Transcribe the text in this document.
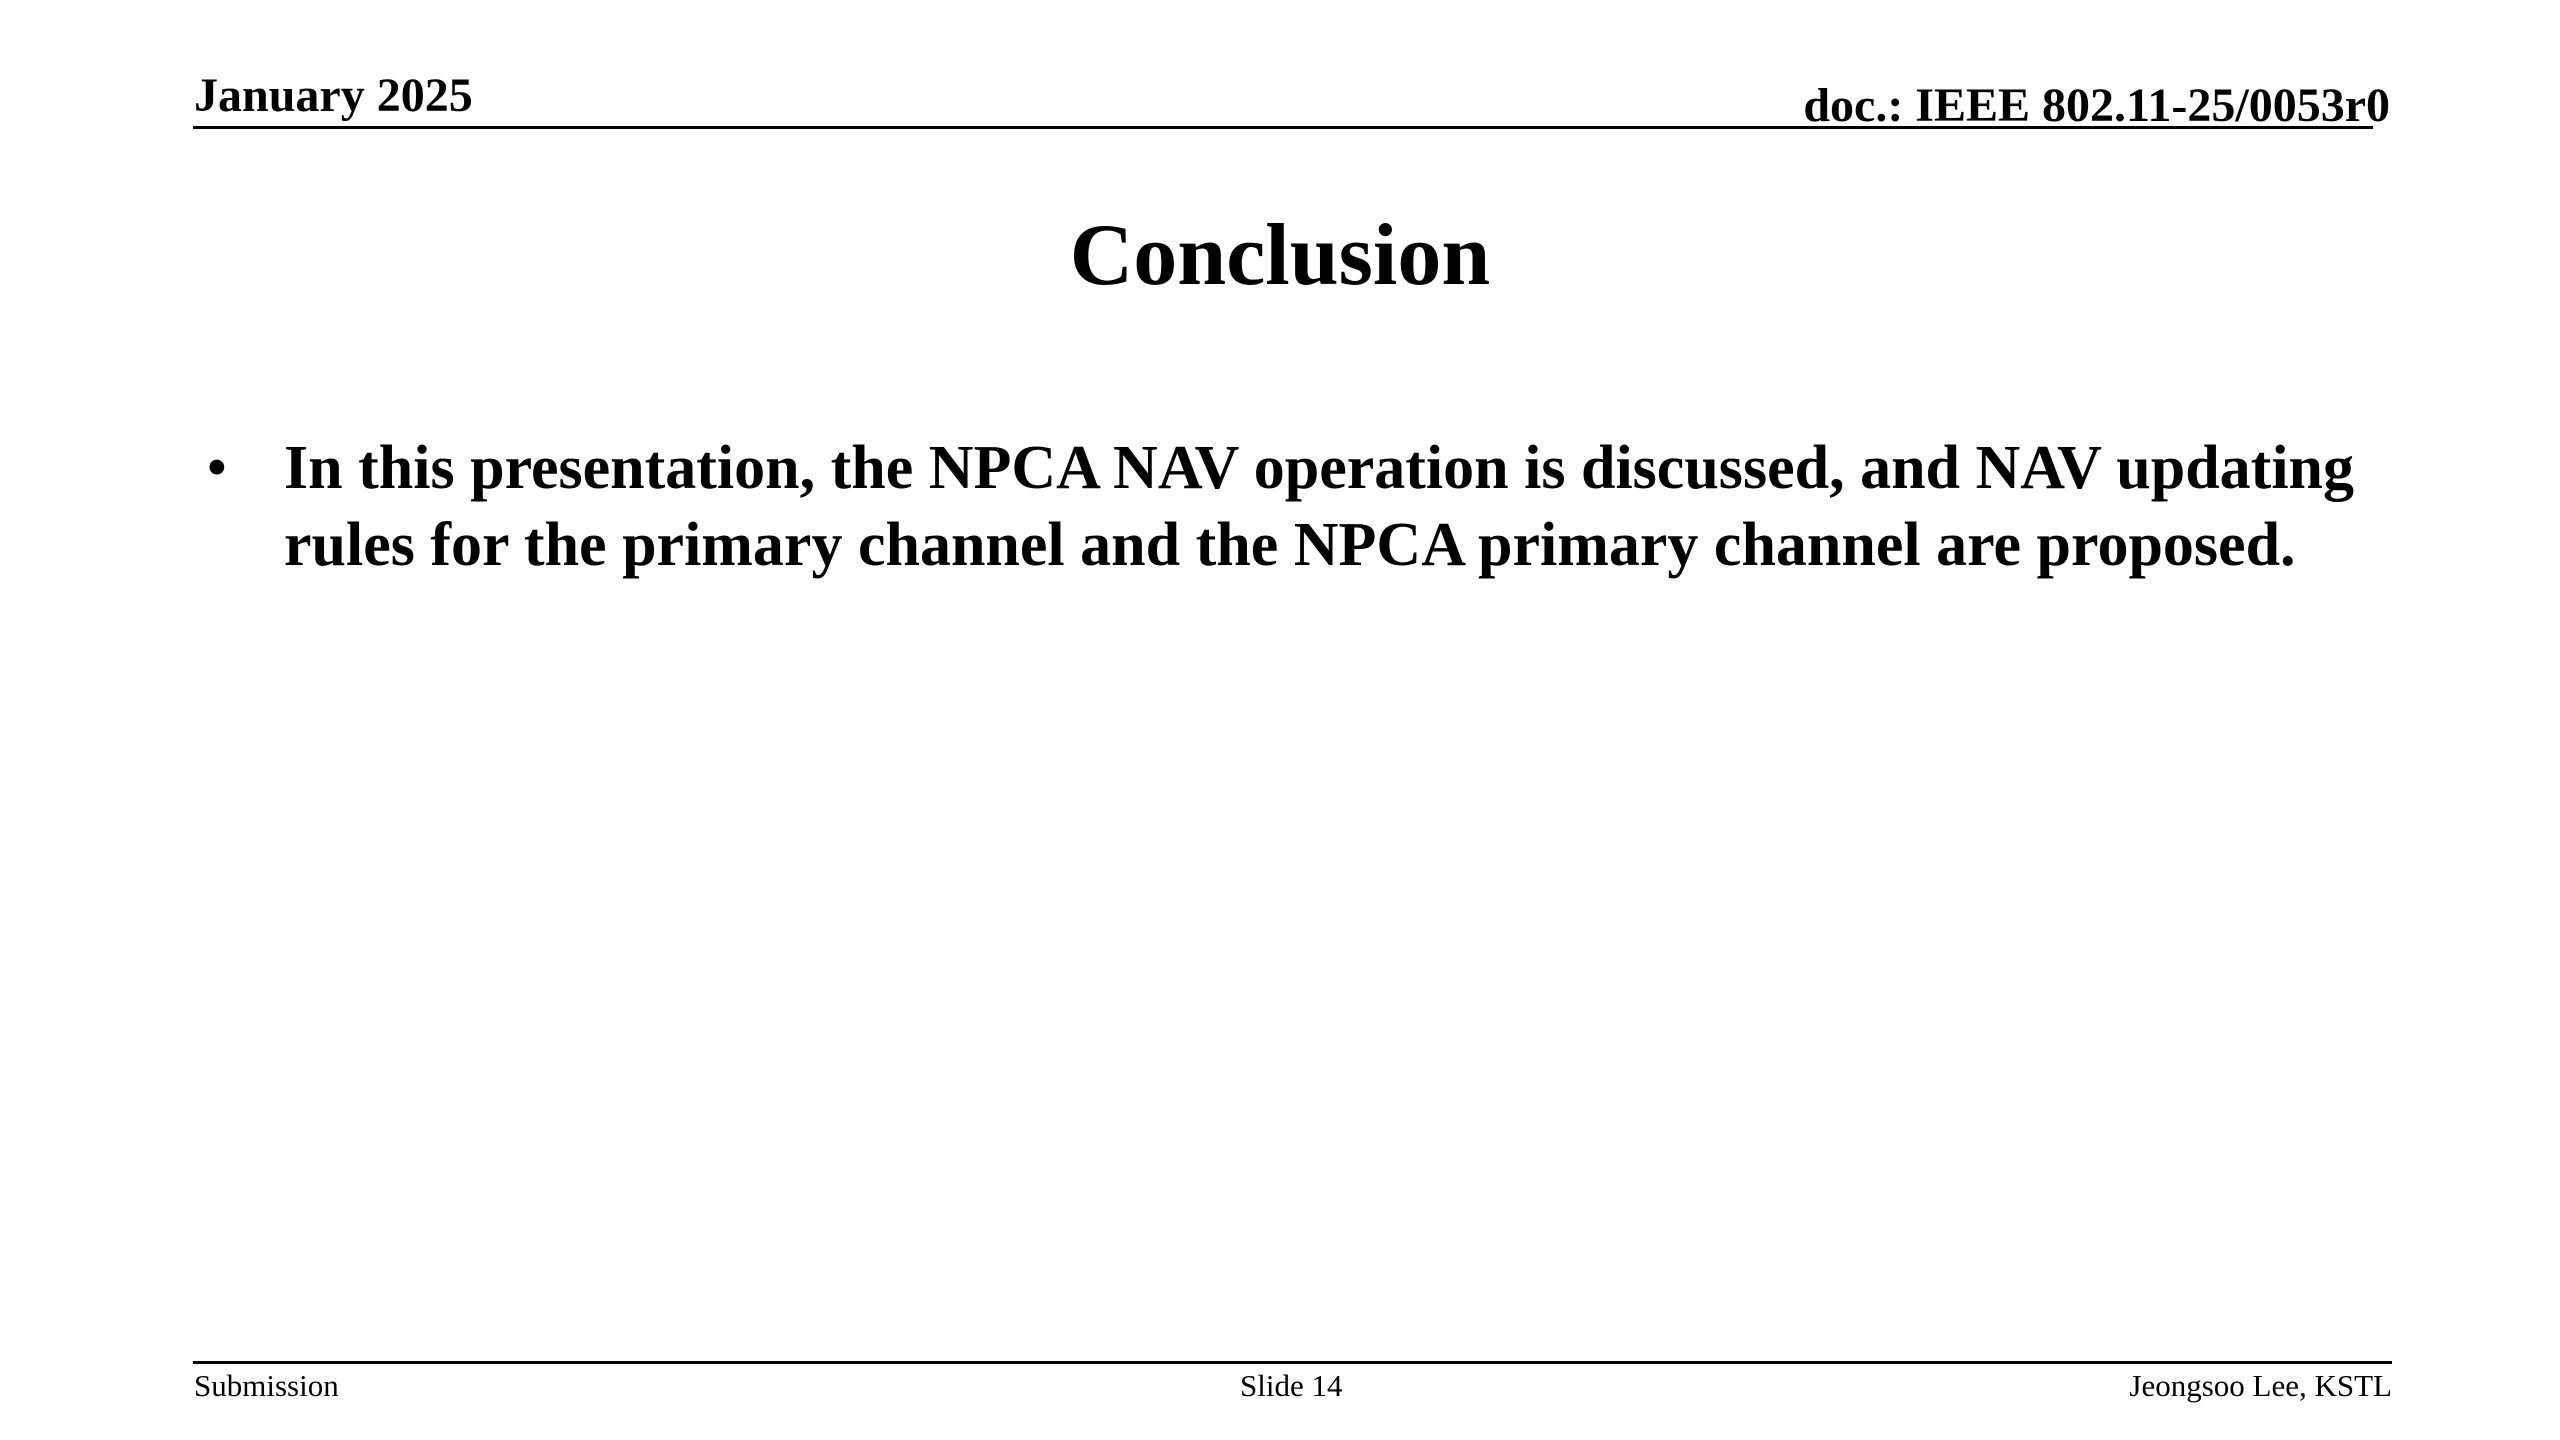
January 2025	doc.: IEEE 802.11-25/0053r0
Conclusion
• In this presentation, the NPCA NAV operation is discussed, and NAV updating rules for the primary channel and the NPCA primary channel are proposed.
Submission	Slide 14	Jeongsoo Lee, KSTL
